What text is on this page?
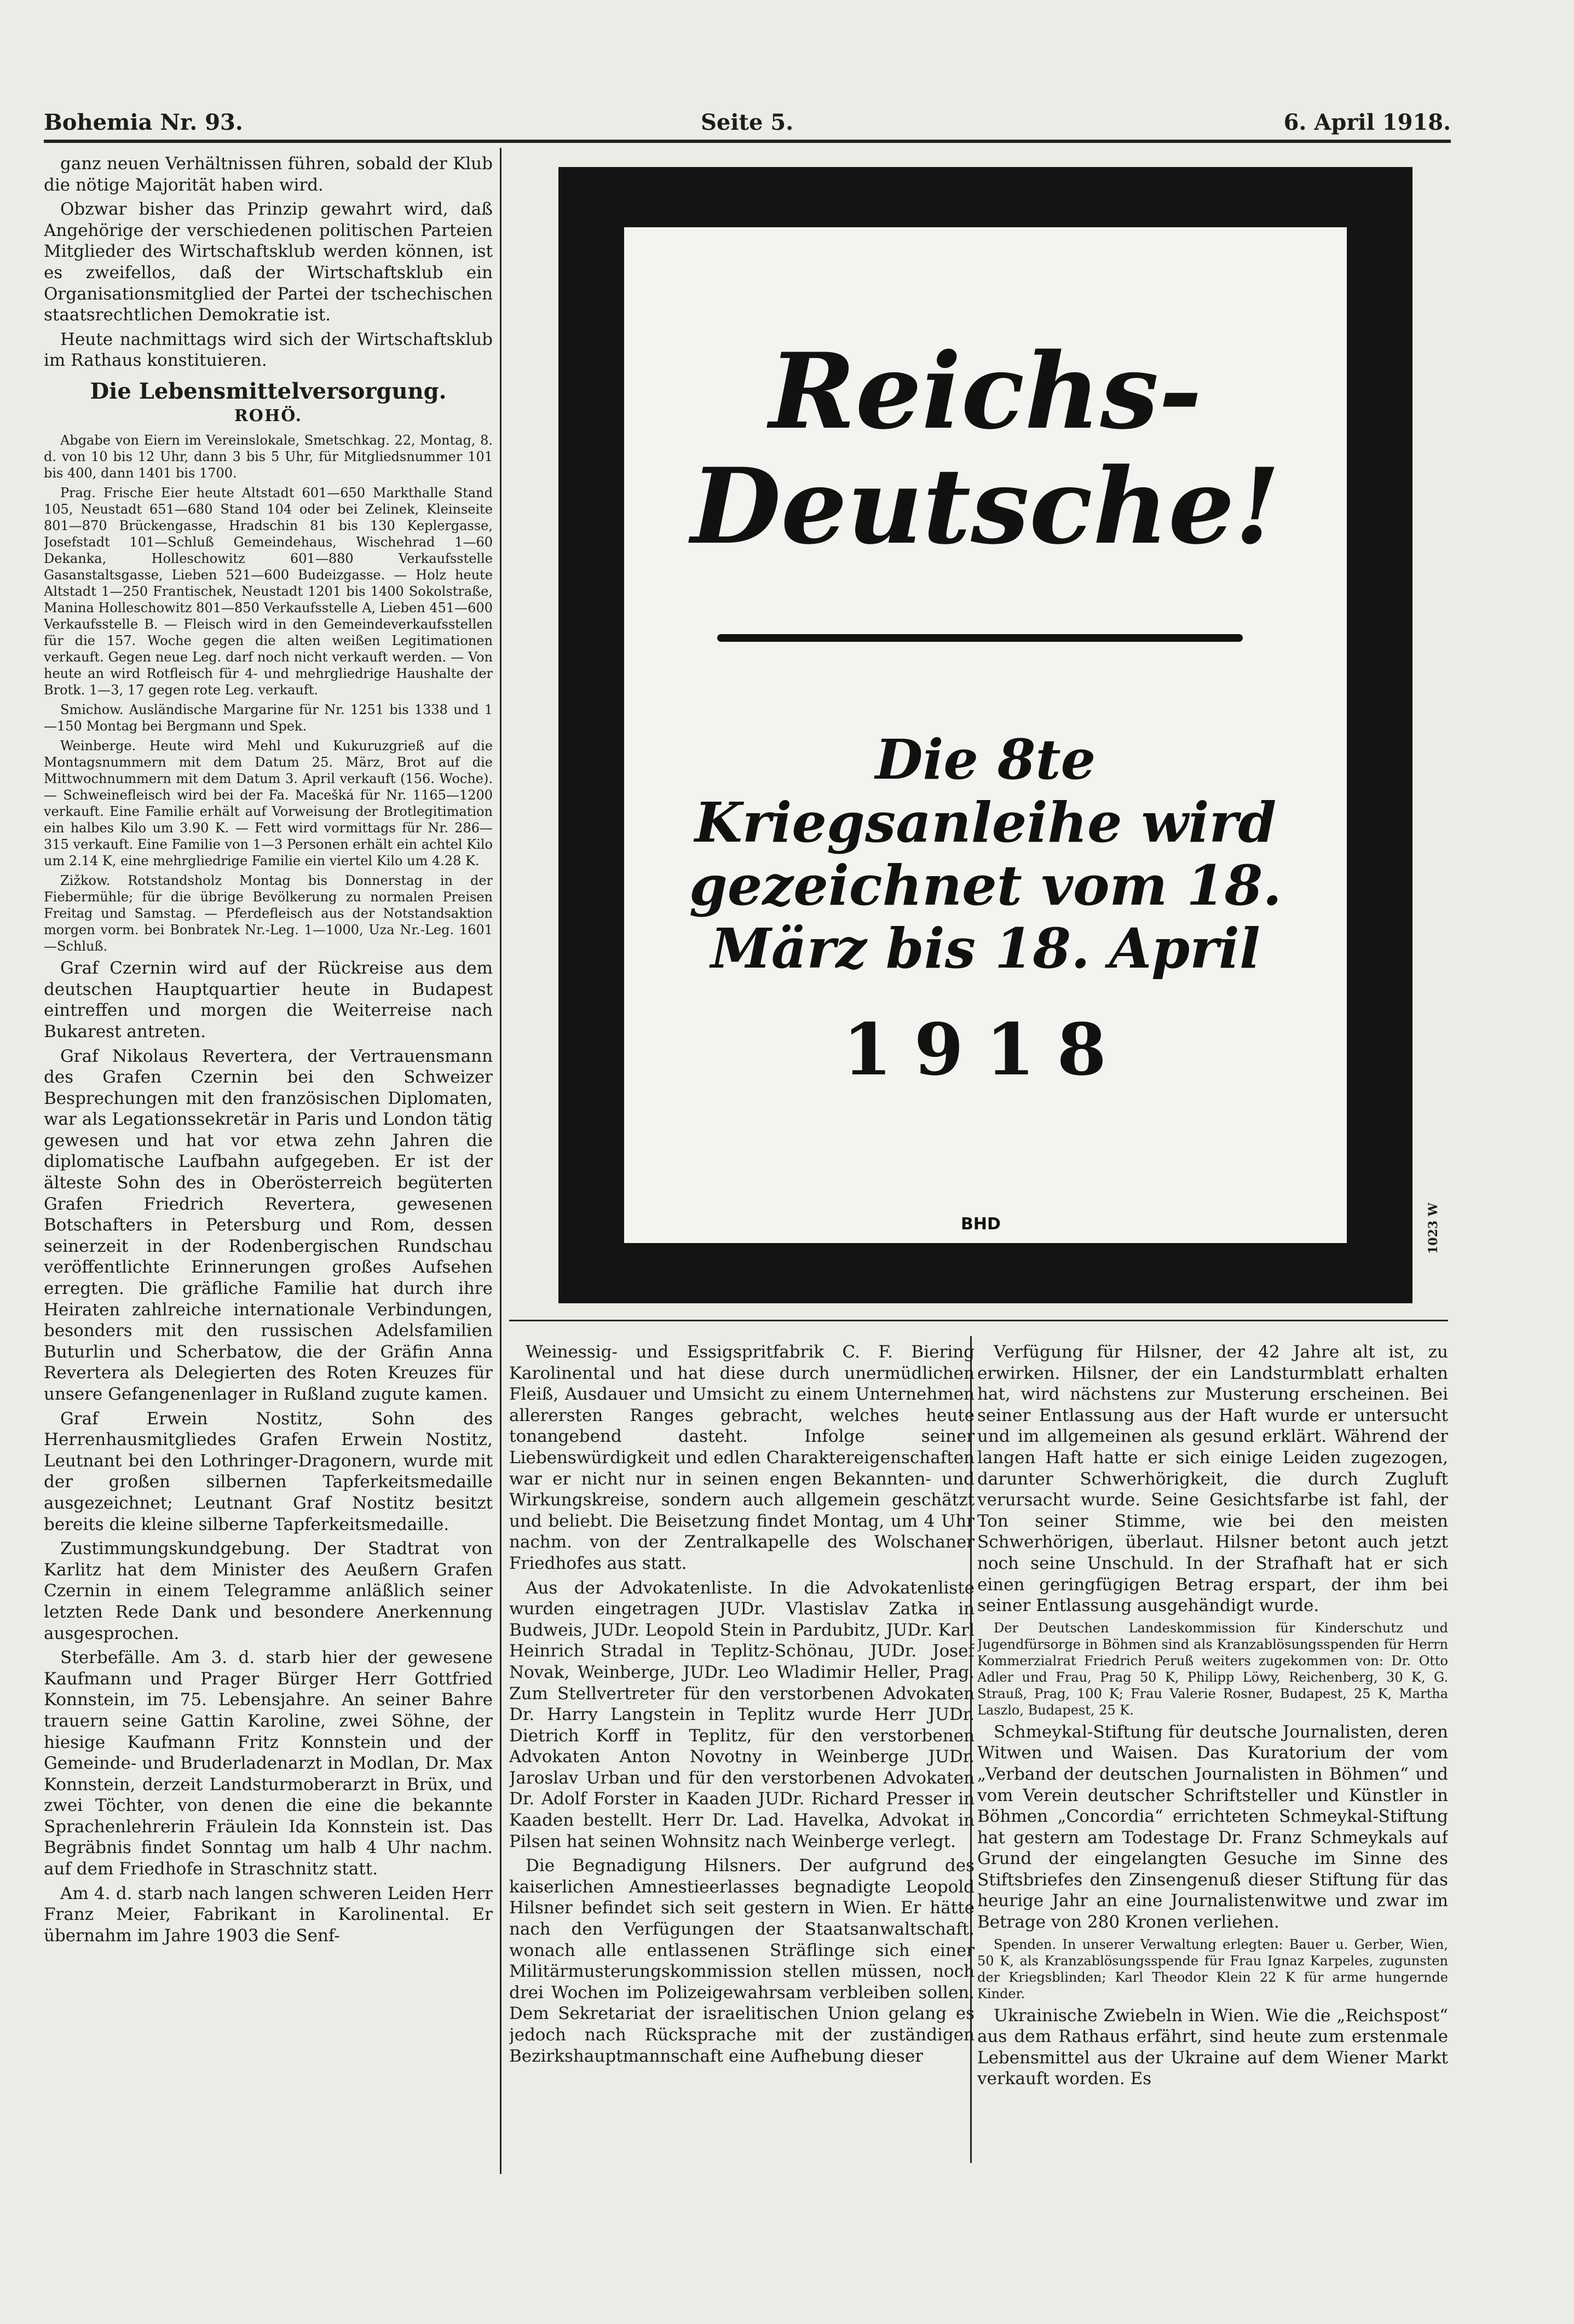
Bohemia Nr. 93.	Seite 5.	6. April 1918.

ganz neuen Verhältnissen führen, sobald der Klub die nötige Majorität haben wird.

Obzwar bisher das Prinzip gewahrt wird, daß Angehörige der verschiedenen politischen Parteien Mitglieder des Wirtschaftsklub werden können, ist es zweifellos, daß der Wirtschaftsklub ein Organisationsmitglied der Partei der tschechischen staatsrechtlichen Demokratie ist.

Heute nachmittags wird sich der Wirtschaftsklub im Rathaus konstituieren.

Die Lebensmittelversorgung.
ROHÖ.

Abgabe von Eiern im Vereinslokale, Smetschkag. 22, Montag, 8. d. von 10 bis 12 Uhr, dann 3 bis 5 Uhr, für Mitgliedsnummer 101 bis 400, dann 1401 bis 1700.

Prag. Frische Eier heute Altstadt 601—650 Markthalle Stand 105, Neustadt 651—680 Stand 104 oder bei Zelinek, Kleinseite 801—870 Brückengasse, Hradschin 81 bis 130 Keplergasse, Josefstadt 101—Schluß Gemeindehaus, Wischehrad 1—60 Dekanka, Holleschowitz 601—880 Verkaufsstelle Gasanstaltsgasse, Lieben 521—600 Budeizgasse. — Holz heute Altstadt 1—250 Frantischek, Neustadt 1201 bis 1400 Sokolstraße, Manina Holleschowitz 801—850 Verkaufsstelle A, Lieben 451—600 Verkaufsstelle B. — Fleisch wird in den Gemeindeverkaufsstellen für die 157. Woche gegen die alten weißen Legitimationen verkauft. Gegen neue Leg. darf noch nicht verkauft werden. — Von heute an wird Rotfleisch für 4- und mehrgliedrige Haushalte der Brotk. 1—3, 17 gegen rote Leg. verkauft.

Smichow. Ausländische Margarine für Nr. 1251 bis 1338 und 1—150 Montag bei Bergmann und Spek.

Weinberge. Heute wird Mehl und Kukuruzgrieß auf die Montagsnummern mit dem Datum 25. März, Brot auf die Mittwochnummern mit dem Datum 3. April verkauft (156. Woche). — Schweinefleisch wird bei der Fa. Macešká für Nr. 1165—1200 verkauft. Eine Familie erhält auf Vorweisung der Brotlegitimation ein halbes Kilo um 3.90 K. — Fett wird vormittags für Nr. 286—315 verkauft. Eine Familie von 1—3 Personen erhält ein achtel Kilo um 2.14 K, eine mehrgliedrige Familie ein viertel Kilo um 4.28 K.

Zižkow. Rotstandsholz Montag bis Donnerstag in der Fiebermühle; für die übrige Bevölkerung zu normalen Preisen Freitag und Samstag. — Pferdefleisch aus der Notstandsaktion morgen vorm. bei Bonbratek Nr.-Leg. 1—1000, Uza Nr.-Leg. 1601—Schluß.

Graf Czernin wird auf der Rückreise aus dem deutschen Hauptquartier heute in Budapest eintreffen und morgen die Weiterreise nach Bukarest antreten.

Graf Nikolaus Revertera, der Vertrauensmann des Grafen Czernin bei den Schweizer Besprechungen mit den französischen Diplomaten, war als Legationssekretär in Paris und London tätig gewesen und hat vor etwa zehn Jahren die diplomatische Laufbahn aufgegeben. Er ist der älteste Sohn des in Oberösterreich begüterten Grafen Friedrich Revertera, gewesenen Botschafters in Petersburg und Rom, dessen seinerzeit in der Rodenbergischen Rundschau veröffentlichte Erinnerungen großes Aufsehen erregten. Die gräfliche Familie hat durch ihre Heiraten zahlreiche internationale Verbindungen, besonders mit den russischen Adelsfamilien Buturlin und Scherbatow, die der Gräfin Anna Revertera als Delegierten des Roten Kreuzes für unsere Gefangenenlager in Rußland zugute kamen.

Graf Erwein Nostitz, Sohn des Herrenhausmitgliedes Grafen Erwein Nostitz, Leutnant bei den Lothringer-Dragonern, wurde mit der großen silbernen Tapferkeitsmedaille ausgezeichnet; Leutnant Graf Nostitz besitzt bereits die kleine silberne Tapferkeitsmedaille.

Zustimmungskundgebung. Der Stadtrat von Karlitz hat dem Minister des Aeußern Grafen Czernin in einem Telegramme anläßlich seiner letzten Rede Dank und besondere Anerkennung ausgesprochen.

Sterbefälle. Am 3. d. starb hier der gewesene Kaufmann und Prager Bürger Herr Gottfried Konnstein, im 75. Lebensjahre. An seiner Bahre trauern seine Gattin Karoline, zwei Söhne, der hiesige Kaufmann Fritz Konnstein und der Gemeinde- und Bruderladenarzt in Modlan, Dr. Max Konnstein, derzeit Landsturmoberarzt in Brüx, und zwei Töchter, von denen die eine die bekannte Sprachenlehrerin Fräulein Ida Konnstein ist. Das Begräbnis findet Sonntag um halb 4 Uhr nachm. auf dem Friedhofe in Straschnitz statt.

Am 4. d. starb nach langen schweren Leiden Herr Franz Meier, Fabrikant in Karolinental. Er übernahm im Jahre 1903 die Senf-

Reichs-Deutsche!
Die 8te Kriegsanleihe wird gezeichnet vom 18. März bis 18. April
1918
BHD	1023 W

Weinessig- und Essigspritfabrik C. F. Biering Karolinental und hat diese durch unermüdlichen Fleiß, Ausdauer und Umsicht zu einem Unternehmen allerersten Ranges gebracht, welches heute tonangebend dasteht. Infolge seiner Liebenswürdigkeit und edlen Charaktereigenschaften war er nicht nur in seinen engen Bekannten- und Wirkungskreise, sondern auch allgemein geschätzt und beliebt. Die Beisetzung findet Montag, um 4 Uhr nachm. von der Zentralkapelle des Wolschaner Friedhofes aus statt.

Aus der Advokatenliste. In die Advokatenliste wurden eingetragen JUDr. Vlastislav Zatka in Budweis, JUDr. Leopold Stein in Pardubitz, JUDr. Karl Heinrich Stradal in Teplitz-Schönau, JUDr. Josef Novak, Weinberge, JUDr. Leo Wladimir Heller, Prag. Zum Stellvertreter für den verstorbenen Advokaten Dr. Harry Langstein in Teplitz wurde Herr JUDr. Dietrich Korff in Teplitz, für den verstorbenen Advokaten Anton Novotny in Weinberge JUDr. Jaroslav Urban und für den verstorbenen Advokaten Dr. Adolf Forster in Kaaden JUDr. Richard Presser in Kaaden bestellt. Herr Dr. Lad. Havelka, Advokat in Pilsen hat seinen Wohnsitz nach Weinberge verlegt.

Die Begnadigung Hilsners. Der aufgrund des kaiserlichen Amnestieerlasses begnadigte Leopold Hilsner befindet sich seit gestern in Wien. Er hätte nach den Verfügungen der Staatsanwaltschaft, wonach alle entlassenen Sträflinge sich einer Militärmusterungskommission stellen müssen, noch drei Wochen im Polizeigewahrsam verbleiben sollen. Dem Sekretariat der israelitischen Union gelang es jedoch nach Rücksprache mit der zuständigen Bezirkshauptmannschaft eine Aufhebung dieser

Verfügung für Hilsner, der 42 Jahre alt ist, zu erwirken. Hilsner, der ein Landsturmblatt erhalten hat, wird nächstens zur Musterung erscheinen. Bei seiner Entlassung aus der Haft wurde er untersucht und im allgemeinen als gesund erklärt. Während der langen Haft hatte er sich einige Leiden zugezogen, darunter Schwerhörigkeit, die durch Zugluft verursacht wurde. Seine Gesichtsfarbe ist fahl, der Ton seiner Stimme, wie bei den meisten Schwerhörigen, überlaut. Hilsner betont auch jetzt noch seine Unschuld. In der Strafhaft hat er sich einen geringfügigen Betrag erspart, der ihm bei seiner Entlassung ausgehändigt wurde.

Der Deutschen Landeskommission für Kinderschutz und Jugendfürsorge in Böhmen sind als Kranzablösungsspenden für Herrn Kommerzialrat Friedrich Peruß weiters zugekommen von: Dr. Otto Adler und Frau, Prag 50 K, Philipp Löwy, Reichenberg, 30 K, G. Strauß, Prag, 100 K; Frau Valerie Rosner, Budapest, 25 K, Martha Laszlo, Budapest, 25 K.

Schmeykal-Stiftung für deutsche Journalisten, deren Witwen und Waisen. Das Kuratorium der vom „Verband der deutschen Journalisten in Böhmen“ und vom Verein deutscher Schriftsteller und Künstler in Böhmen „Concordia“ errichteten Schmeykal-Stiftung hat gestern am Todestage Dr. Franz Schmeykals auf Grund der eingelangten Gesuche im Sinne des Stiftsbriefes den Zinsengenuß dieser Stiftung für das heurige Jahr an eine Journalistenwitwe und zwar im Betrage von 280 Kronen verliehen.

Spenden. In unserer Verwaltung erlegten: Bauer u. Gerber, Wien, 50 K, als Kranzablösungsspende für Frau Ignaz Karpeles, zugunsten der Kriegsblinden; Karl Theodor Klein 22 K für arme hungernde Kinder.

Ukrainische Zwiebeln in Wien. Wie die „Reichspost“ aus dem Rathaus erfährt, sind heute zum erstenmale Lebensmittel aus der Ukraine auf dem Wiener Markt verkauft worden. Es
